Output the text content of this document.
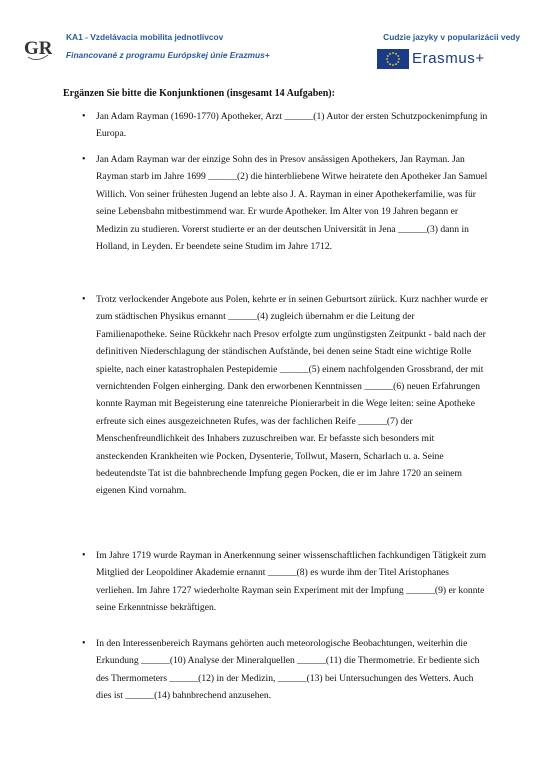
GR
KA1 - Vzdelávacia mobilita jednotlivcov
Financované z programu Európskej únie Erazmus+
Cudzie jazyky v popularizácii vedy
Erasmus+
Ergänzen Sie bitte die Konjunktionen (insgesamt 14 Aufgaben):

• Jan Adam Rayman (1690-1770) Apotheker, Arzt ______(1) Autor der ersten Schutzpockenimpfung in Europa.

• Jan Adam Rayman war der einzige Sohn des in Presov ansässigen Apothekers, Jan Rayman. Jan Rayman starb im Jahre 1699 ______(2) die hinterbliebene Witwe heiratete den Apotheker Jan Samuel Willich. Von seiner frühesten Jugend an lebte also J. A. Rayman in einer Apothekerfamilie, was für seine Lebensbahn mitbestimmend war. Er wurde Apotheker. Im Alter von 19 Jahren begann er Medizin zu studieren. Vorerst studierte er an der deutschen Universität in Jena ______(3) dann in Holland, in Leyden. Er beendete seine Studim im Jahre 1712.

• Trotz verlockender Angebote aus Polen, kehrte er in seinen Geburtsort zürück. Kurz nachher wurde er zum städtischen Physikus ernannt ______(4) zugleich übernahm er die Leitung der Familienapotheke. Seine Rückkehr nach Presov erfolgte zum ungünstigsten Zeitpunkt - bald nach der definitiven Niederschlagung der ständischen Aufstände, bei denen seine Stadt eine wichtige Rolle spielte, nach einer katastrophalen Pestepidemie ______(5) einem nachfolgenden Grossbrand, der mit vernichtenden Folgen einherging. Dank den erworbenen Kenntnissen ______(6) neuen Erfahrungen konnte Rayman mit Begeisterung eine tatenreiche Pionierarbeit in die Wege leiten: seine Apotheke erfreute sich eines ausgezeichneten Rufes, was der fachlichen Reife ______(7) der Menschenfreundlichkeit des Inhabers zuzuschreiben war. Er befasste sich besonders mit ansteckenden Krankheiten wie Pocken, Dysenterie, Tollwut, Masern, Scharlach u. a. Seine bedeutendste Tat ist die bahnbrechende Impfung gegen Pocken, die er im Jahre 1720 an seinem eigenen Kind vornahm.

• Im Jahre 1719 wurde Rayman in Anerkennung seiner wissenschaftlichen fachkundigen Tätigkeit zum Mitglied der Leopoldiner Akademie ernannt ______(8) es wurde ihm der Titel Aristophanes verliehen. Im Jahre 1727 wiederholte Rayman sein Experiment mit der Impfung ______(9) er konnte seine Erkenntnisse bekräftigen.

• In den Interessenbereich Raymans gehörten auch meteorologische Beobachtungen, weiterhin die Erkundung ______(10) Analyse der Mineralquellen ______(11) die Thermometrie. Er bediente sich des Thermometers ______(12) in der Medizin, ______(13) bei Untersuchungen des Wetters. Auch dies ist ______(14) bahnbrechend anzusehen.
